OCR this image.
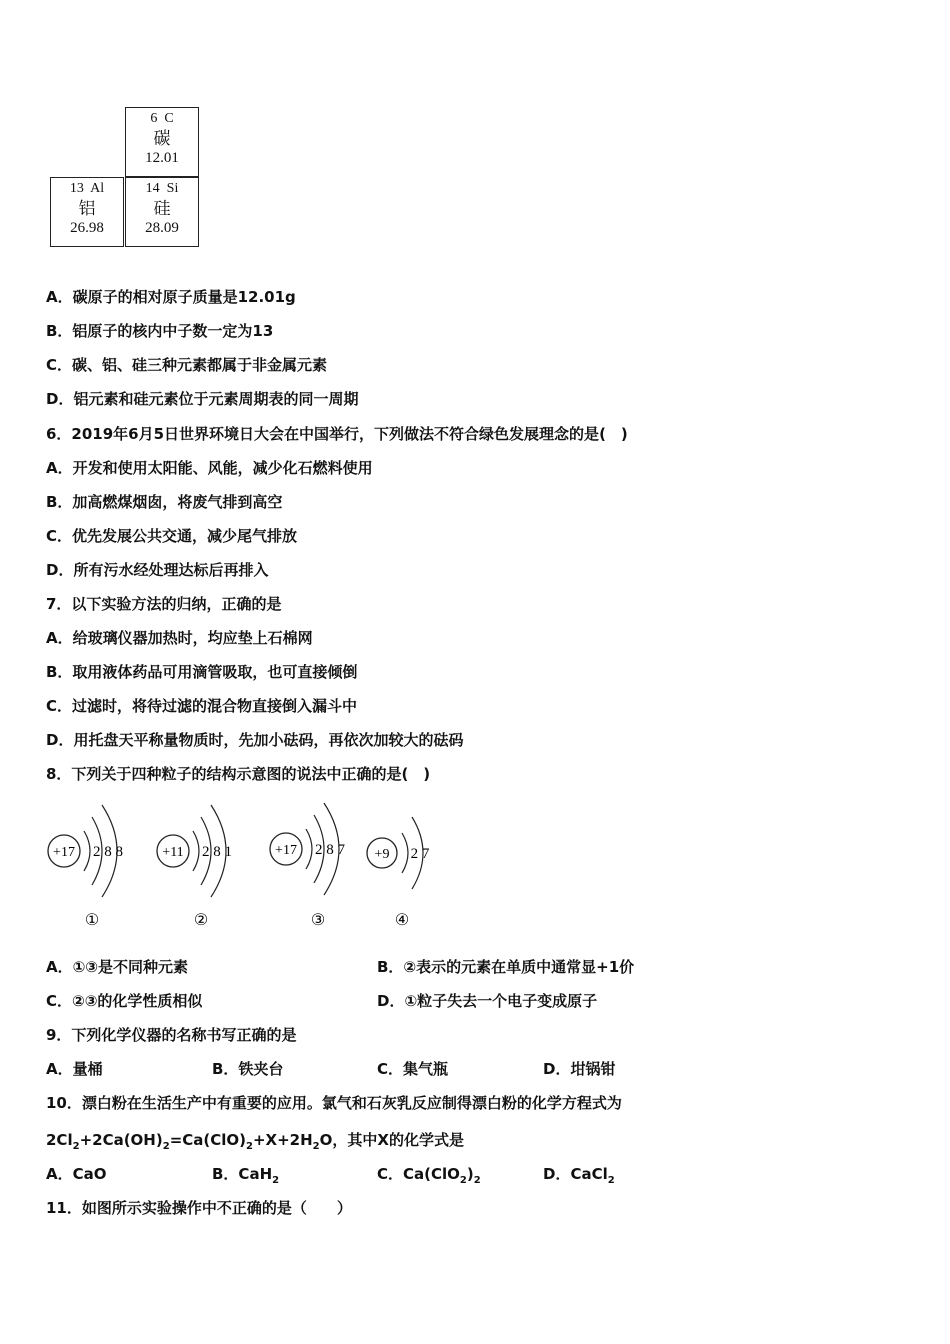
6  C
碳
12.01
13  Al
铝
26.98
14  Si
硅
28.09
A．碳原子的相对原子质量是12.01g
B．铝原子的核内中子数一定为13
C．碳、铝、硅三种元素都属于非金属元素
D．铝元素和硅元素位于元素周期表的同一周期
6．2019年6月5日世界环境日大会在中国举行，下列做法不符合绿色发展理念的是(　)
A．开发和使用太阳能、风能，减少化石燃料使用
B．加高燃煤烟囱，将废气排到高空
C．优先发展公共交通，减少尾气排放
D．所有污水经处理达标后再排入
7．以下实验方法的归纳，正确的是
A．给玻璃仪器加热时，均应垫上石棉网
B．取用液体药品可用滴管吸取，也可直接倾倒
C．过滤时，将待过滤的混合物直接倒入漏斗中
D．用托盘天平称量物质时，先加小砝码，再依次加较大的砝码
8．下列关于四种粒子的结构示意图的说法中正确的是(　)
+17 2 8 8
①
+11 2 8 1
②
+17 2 8 7
③
+9 2 7
④
A．①③是不同种元素	B．②表示的元素在单质中通常显+1价
C．②③的化学性质相似	D．①粒子失去一个电子变成原子
9．下列化学仪器的名称书写正确的是
A．量桶	B．铁夹台	C．集气瓶	D．坩锅钳
10．漂白粉在生活生产中有重要的应用。氯气和石灰乳反应制得漂白粉的化学方程式为
$2Cl_2+2Ca(OH)_2=Ca(ClO)_2+X+2H_2O$，其中X的化学式是
A．CaO	B．CaH$_2$	C．$Ca(ClO_2)_2$	D．CaCl$_2$
11．如图所示实验操作中不正确的是（　　）
